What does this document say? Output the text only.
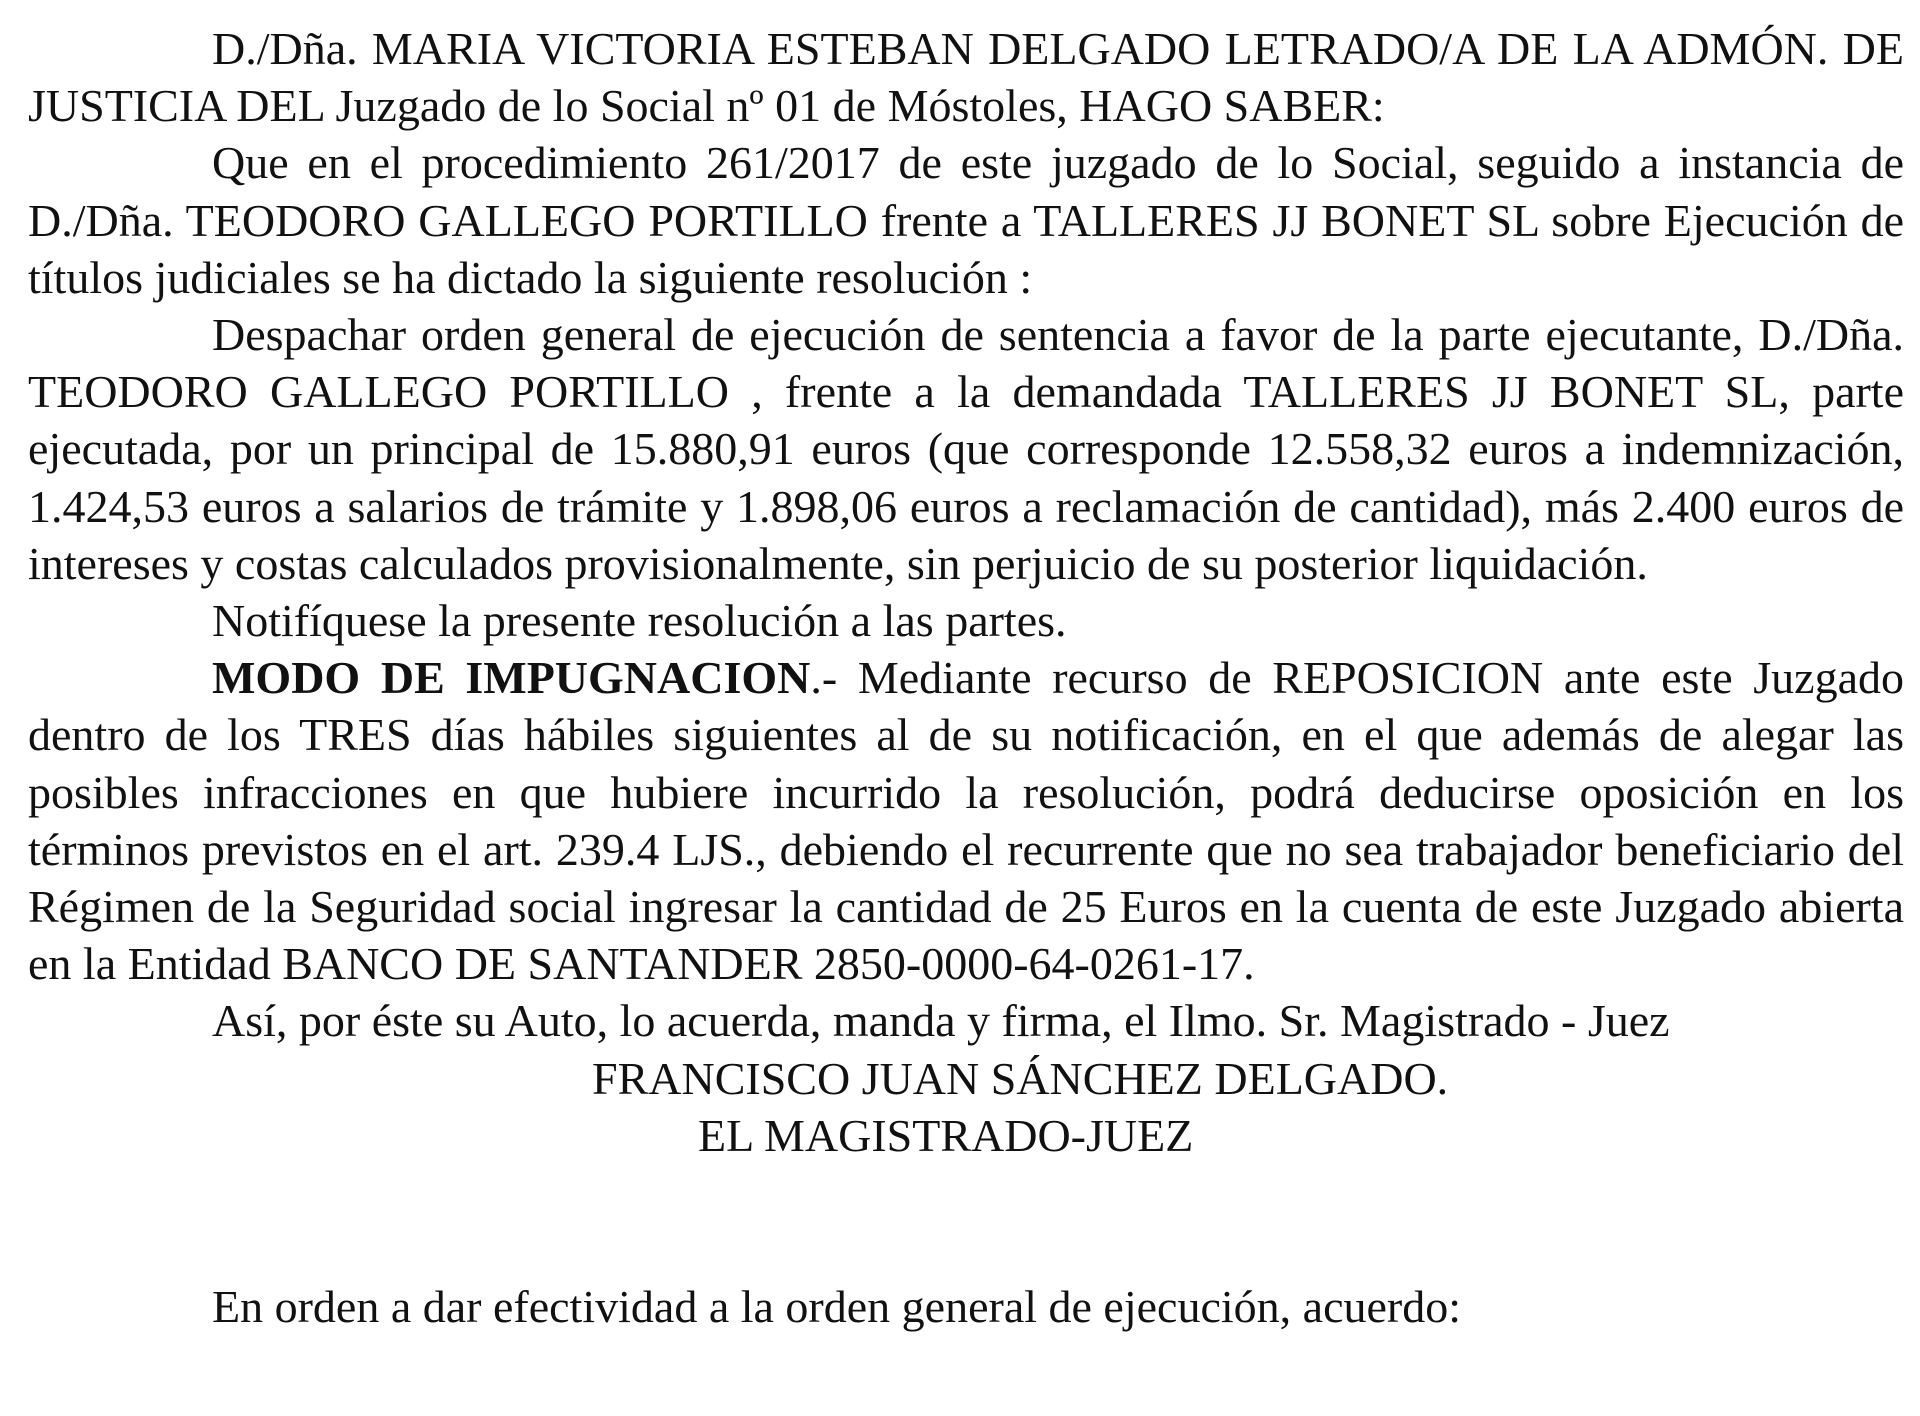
D./Dña. MARIA VICTORIA ESTEBAN DELGADO LETRADO/A DE LA ADMÓN. DE JUSTICIA DEL Juzgado de lo Social nº 01 de Móstoles, HAGO SABER:

Que en el procedimiento 261/2017 de este juzgado de lo Social, seguido a instancia de D./Dña. TEODORO GALLEGO PORTILLO frente a TALLERES JJ BONET SL sobre Ejecución de títulos judiciales se ha dictado la siguiente resolución :

Despachar orden general de ejecución de sentencia a favor de la parte ejecutante, D./Dña. TEODORO GALLEGO PORTILLO , frente a la demandada TALLERES JJ BONET SL, parte ejecutada, por un principal de 15.880,91 euros (que corresponde 12.558,32 euros a indemnización, 1.424,53 euros a salarios de trámite y 1.898,06 euros a reclamación de cantidad), más 2.400 euros de intereses y costas calculados provisionalmente, sin perjuicio de su posterior liquidación.

Notifíquese la presente resolución a las partes.

MODO DE IMPUGNACION.- Mediante recurso de REPOSICION ante este Juzgado dentro de los TRES días hábiles siguientes al de su notificación, en el que además de alegar las posibles infracciones en que hubiere incurrido la resolución, podrá deducirse oposición en los términos previstos en el art. 239.4 LJS., debiendo el recurrente que no sea trabajador beneficiario del Régimen de la Seguridad social ingresar la cantidad de 25 Euros en la cuenta de este Juzgado abierta en la Entidad BANCO DE SANTANDER 2850-0000-64-0261-17.

Así, por éste su Auto, lo acuerda, manda y firma, el Ilmo. Sr. Magistrado - Juez

FRANCISCO JUAN SÁNCHEZ DELGADO.

EL MAGISTRADO-JUEZ

En orden a dar efectividad a la orden general de ejecución, acuerdo:
